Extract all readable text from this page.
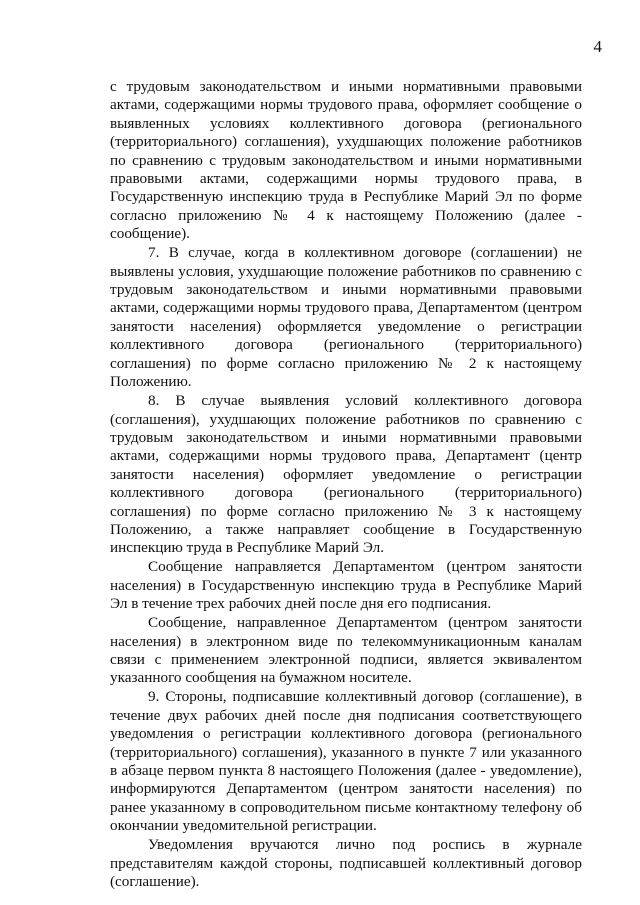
4

с трудовым законодательством и иными нормативными правовыми актами, содержащими нормы трудового права, оформляет сообщение о выявленных условиях коллективного договора (регионального (территориального) соглашения), ухудшающих положение работников по сравнению с трудовым законодательством и иными нормативными правовыми актами, содержащими нормы трудового права, в Государственную инспекцию труда в Республике Марий Эл по форме согласно приложению № 4 к настоящему Положению (далее - сообщение).

7. В случае, когда в коллективном договоре (соглашении) не выявлены условия, ухудшающие положение работников по сравнению с трудовым законодательством и иными нормативными правовыми актами, содержащими нормы трудового права, Департаментом (центром занятости населения) оформляется уведомление о регистрации коллективного договора (регионального (территориального) соглашения) по форме согласно приложению № 2 к настоящему Положению.

8. В случае выявления условий коллективного договора (соглашения), ухудшающих положение работников по сравнению с трудовым законодательством и иными нормативными правовыми актами, содержащими нормы трудового права, Департамент (центр занятости населения) оформляет уведомление о регистрации коллективного договора (регионального (территориального) соглашения) по форме согласно приложению № 3 к настоящему Положению, а также направляет сообщение в Государственную инспекцию труда в Республике Марий Эл.

Сообщение направляется Департаментом (центром занятости населения) в Государственную инспекцию труда в Республике Марий Эл в течение трех рабочих дней после дня его подписания.

Сообщение, направленное Департаментом (центром занятости населения) в электронном виде по телекоммуникационным каналам связи с применением электронной подписи, является эквивалентом указанного сообщения на бумажном носителе.

9. Стороны, подписавшие коллективный договор (соглашение), в течение двух рабочих дней после дня подписания соответствующего уведомления о регистрации коллективного договора (регионального (территориального) соглашения), указанного в пункте 7 или указанного в абзаце первом пункта 8 настоящего Положения (далее - уведомление), информируются Департаментом (центром занятости населения) по ранее указанному в сопроводительном письме контактному телефону об окончании уведомительной регистрации.

Уведомления вручаются лично под роспись в журнале представителям каждой стороны, подписавшей коллективный договор (соглашение).
